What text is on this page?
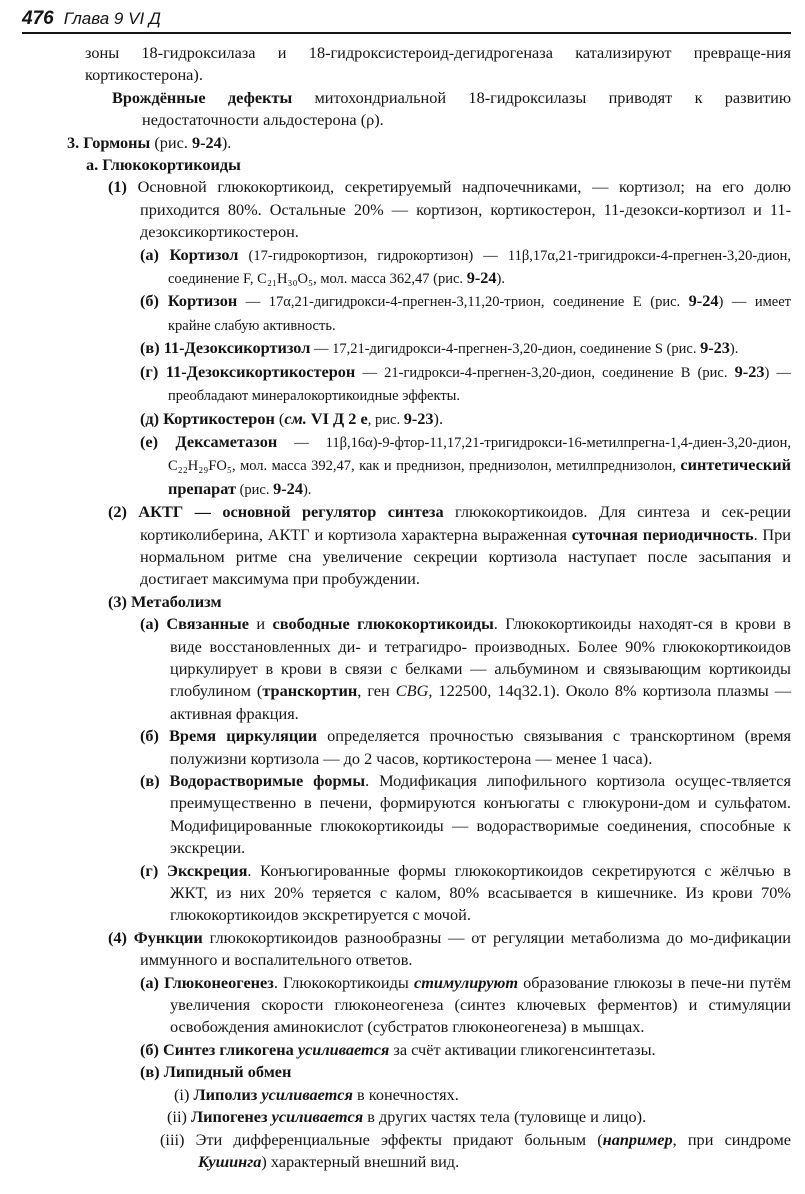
476 Глава 9 VI Д

зоны 18-гидроксилаза и 18-гидроксистероид-дегидрогеназа катализируют превраще-ния кортикостерона).

Врождённые дефекты митохондриальной 18-гидроксилазы приводят к развитию недостаточности альдостерона (ρ).

3. Гормоны (рис. 9-24).

а. Глюкокортикоиды

(1) Основной глюкокортикоид, секретируемый надпочечниками, — кортизол; на его долю приходится 80%. Остальные 20% — кортизон, кортикостерон, 11-дезокси-кортизол и 11-дезоксикортикостерон.

(а) Кортизол (17-гидрокортизон, гидрокортизон) — 11β,17α,21-тригидрокси-4-прегнен-3,20-дион, соединение F, C₂₁H₃₀O₅, мол. масса 362,47 (рис. 9-24).

(б) Кортизон — 17α,21-дигидрокси-4-прегнен-3,11,20-трион, соединение E (рис. 9-24) — имеет крайне слабую активность.

(в) 11-Дезоксикортизол — 17,21-дигидрокси-4-прегнен-3,20-дион, соединение S (рис. 9-23).

(г) 11-Дезоксикортикостерон — 21-гидрокси-4-прегнен-3,20-дион, соединение B (рис. 9-23) — преобладают минералокортикоидные эффекты.

(д) Кортикостерон (см. VI Д 2 е, рис. 9-23).

(е) Дексаметазон — 11β,16α)-9-фтор-11,17,21-тригидрокси-16-метилпрегна-1,4-диен-3,20-дион, C₂₂H₂₉FO₅, мол. масса 392,47, как и преднизон, преднизолон, метилпреднизолон, синтетический препарат (рис. 9-24).

(2) АКТГ — основной регулятор синтеза глюкокортикоидов. Для синтеза и сек-реции кортиколиберина, АКТГ и кортизола характерна выраженная суточная периодичность. При нормальном ритме сна увеличение секреции кортизола наступает после засыпания и достигает максимума при пробуждении.

(3) Метаболизм

(а) Связанные и свободные глюкокортикоиды. Глюкокортикоиды находят-ся в крови в виде восстановленных ди- и тетрагидро- производных. Более 90% глюкокортикоидов циркулирует в крови в связи с белками — альбумином и связывающим кортикоиды глобулином (транскортин, ген CBG, 122500, 14q32.1). Около 8% кортизола плазмы — активная фракция.

(б) Время циркуляции определяется прочностью связывания с транскортином (время полужизни кортизола — до 2 часов, кортикостерона — менее 1 часа).

(в) Водорастворимые формы. Модификация липофильного кортизола осущес-твляется преимущественно в печени, формируются конъюгаты с глюкурони-дом и сульфатом. Модифицированные глюкокортикоиды — водорастворимые соединения, способные к экскреции.

(г) Экскреция. Конъюгированные формы глюкокортикоидов секретируются с жёлчью в ЖКТ, из них 20% теряется с калом, 80% всасывается в кишечнике. Из крови 70% глюкокортикоидов экскретируется с мочой.

(4) Функции глюкокортикоидов разнообразны — от регуляции метаболизма до мо-дификации иммунного и воспалительного ответов.

(а) Глюконеогенез. Глюкокортикоиды стимулируют образование глюкозы в пече-ни путём увеличения скорости глюконеогенеза (синтез ключевых ферментов) и стимуляции освобождения аминокислот (субстратов глюконеогенеза) в мышцах.

(б) Синтез гликогена усиливается за счёт активации гликогенсинтетазы.

(в) Липидный обмен

(i) Липолиз усиливается в конечностях.

(ii) Липогенез усиливается в других частях тела (туловище и лицо).

(iii) Эти дифференциальные эффекты придают больным (например, при синдроме Кушинга) характерный внешний вид.
